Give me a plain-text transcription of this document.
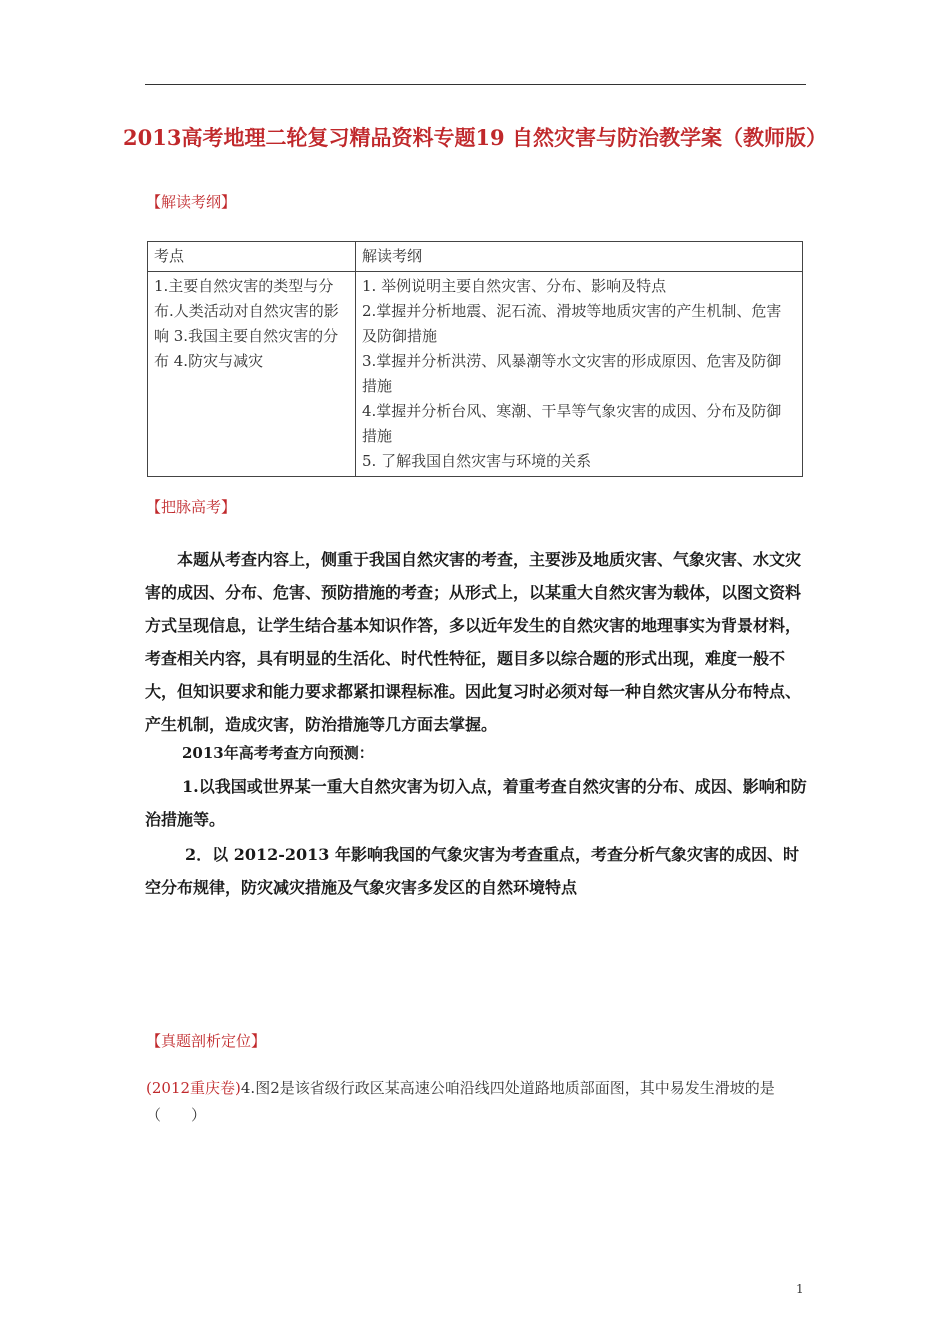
2013高考地理二轮复习精品资料专题19 自然灾害与防治教学案（教师版）
【解读考纲】
考点	解读考纲
1.主要自然灾害的类型与分布.人类活动对自然灾害的影响 3.我国主要自然灾害的分布 4.防灾与减灾	1. 举例说明主要自然灾害、分布、影响及特点
2.掌握并分析地震、泥石流、滑坡等地质灾害的产生机制、危害及防御措施
3.掌握并分析洪涝、风暴潮等水文灾害的形成原因、危害及防御措施
4.掌握并分析台风、寒潮、干旱等气象灾害的成因、分布及防御措施
5. 了解我国自然灾害与环境的关系
【把脉高考】
本题从考查内容上，侧重于我国自然灾害的考查，主要涉及地质灾害、气象灾害、水文灾害的成因、分布、危害、预防措施的考查；从形式上，以某重大自然灾害为载体，以图文资料方式呈现信息，让学生结合基本知识作答，多以近年发生的自然灾害的地理事实为背景材料，考查相关内容，具有明显的生活化、时代性特征，题目多以综合题的形式出现，难度一般不大，但知识要求和能力要求都紧扣课程标准。因此复习时必须对每一种自然灾害从分布特点、产生机制，造成灾害，防治措施等几方面去掌握。
2013年高考考查方向预测：
1.以我国或世界某一重大自然灾害为切入点，着重考查自然灾害的分布、成因、影响和防治措施等。
2．以 2012-2013 年影响我国的气象灾害为考查重点，考查分析气象灾害的成因、时空分布规律，防灾减灾措施及气象灾害多发区的自然环境特点
【真题剖析定位】
(2012重庆卷)4.图2是该省级行政区某高速公咱沿线四处道路地质部面图，其中易发生滑坡的是（　　）
1
